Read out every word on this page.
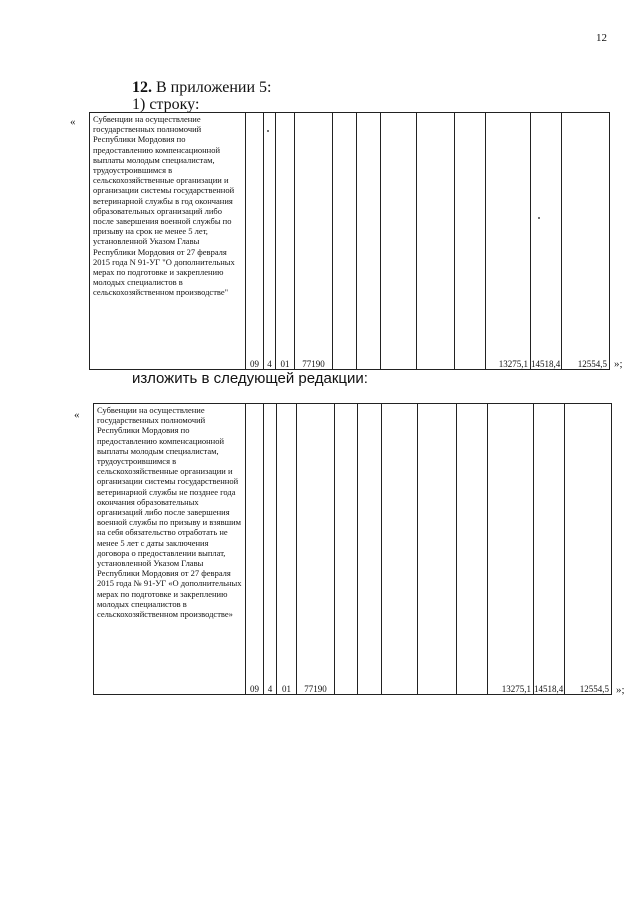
12
12. В приложении 5:
1) строку:
« Субвенции на осуществление государственных полномочий Республики Мордовия по предоставлению компенсационной выплаты молодым специалистам, трудоустроившимся в сельскохозяйственные организации и организации системы государственной ветеринарной службы в год окончания образовательных организаций либо после завершения военной службы по призыву на срок не менее 5 лет, установленной Указом Главы Республики Мордовия от 27 февраля 2015 года N 91-УГ "О дополнительных мерах по подготовке и закреплению молодых специалистов в сельскохозяйственном производстве"	09	4	01	77190						13275,1	14518,4	12554,5 »;
изложить в следующей редакции:
« Субвенции на осуществление государственных полномочий Республики Мордовия по предоставлению компенсационной выплаты молодым специалистам, трудоустроившимся в сельскохозяйственные организации и организации системы государственной ветеринарной службы не позднее года окончания образовательных организаций либо после завершения военной службы по призыву и взявшим на себя обязательство отработать не менее 5 лет с даты заключения договора о предоставлении выплат, установленной Указом Главы Республики Мордовия от 27 февраля 2015 года № 91-УГ «О дополнительных мерах по подготовке и закреплению молодых специалистов в сельскохозяйственном производстве»	09	4	01	77190						13275,1	14518,4	12554,5 »;
